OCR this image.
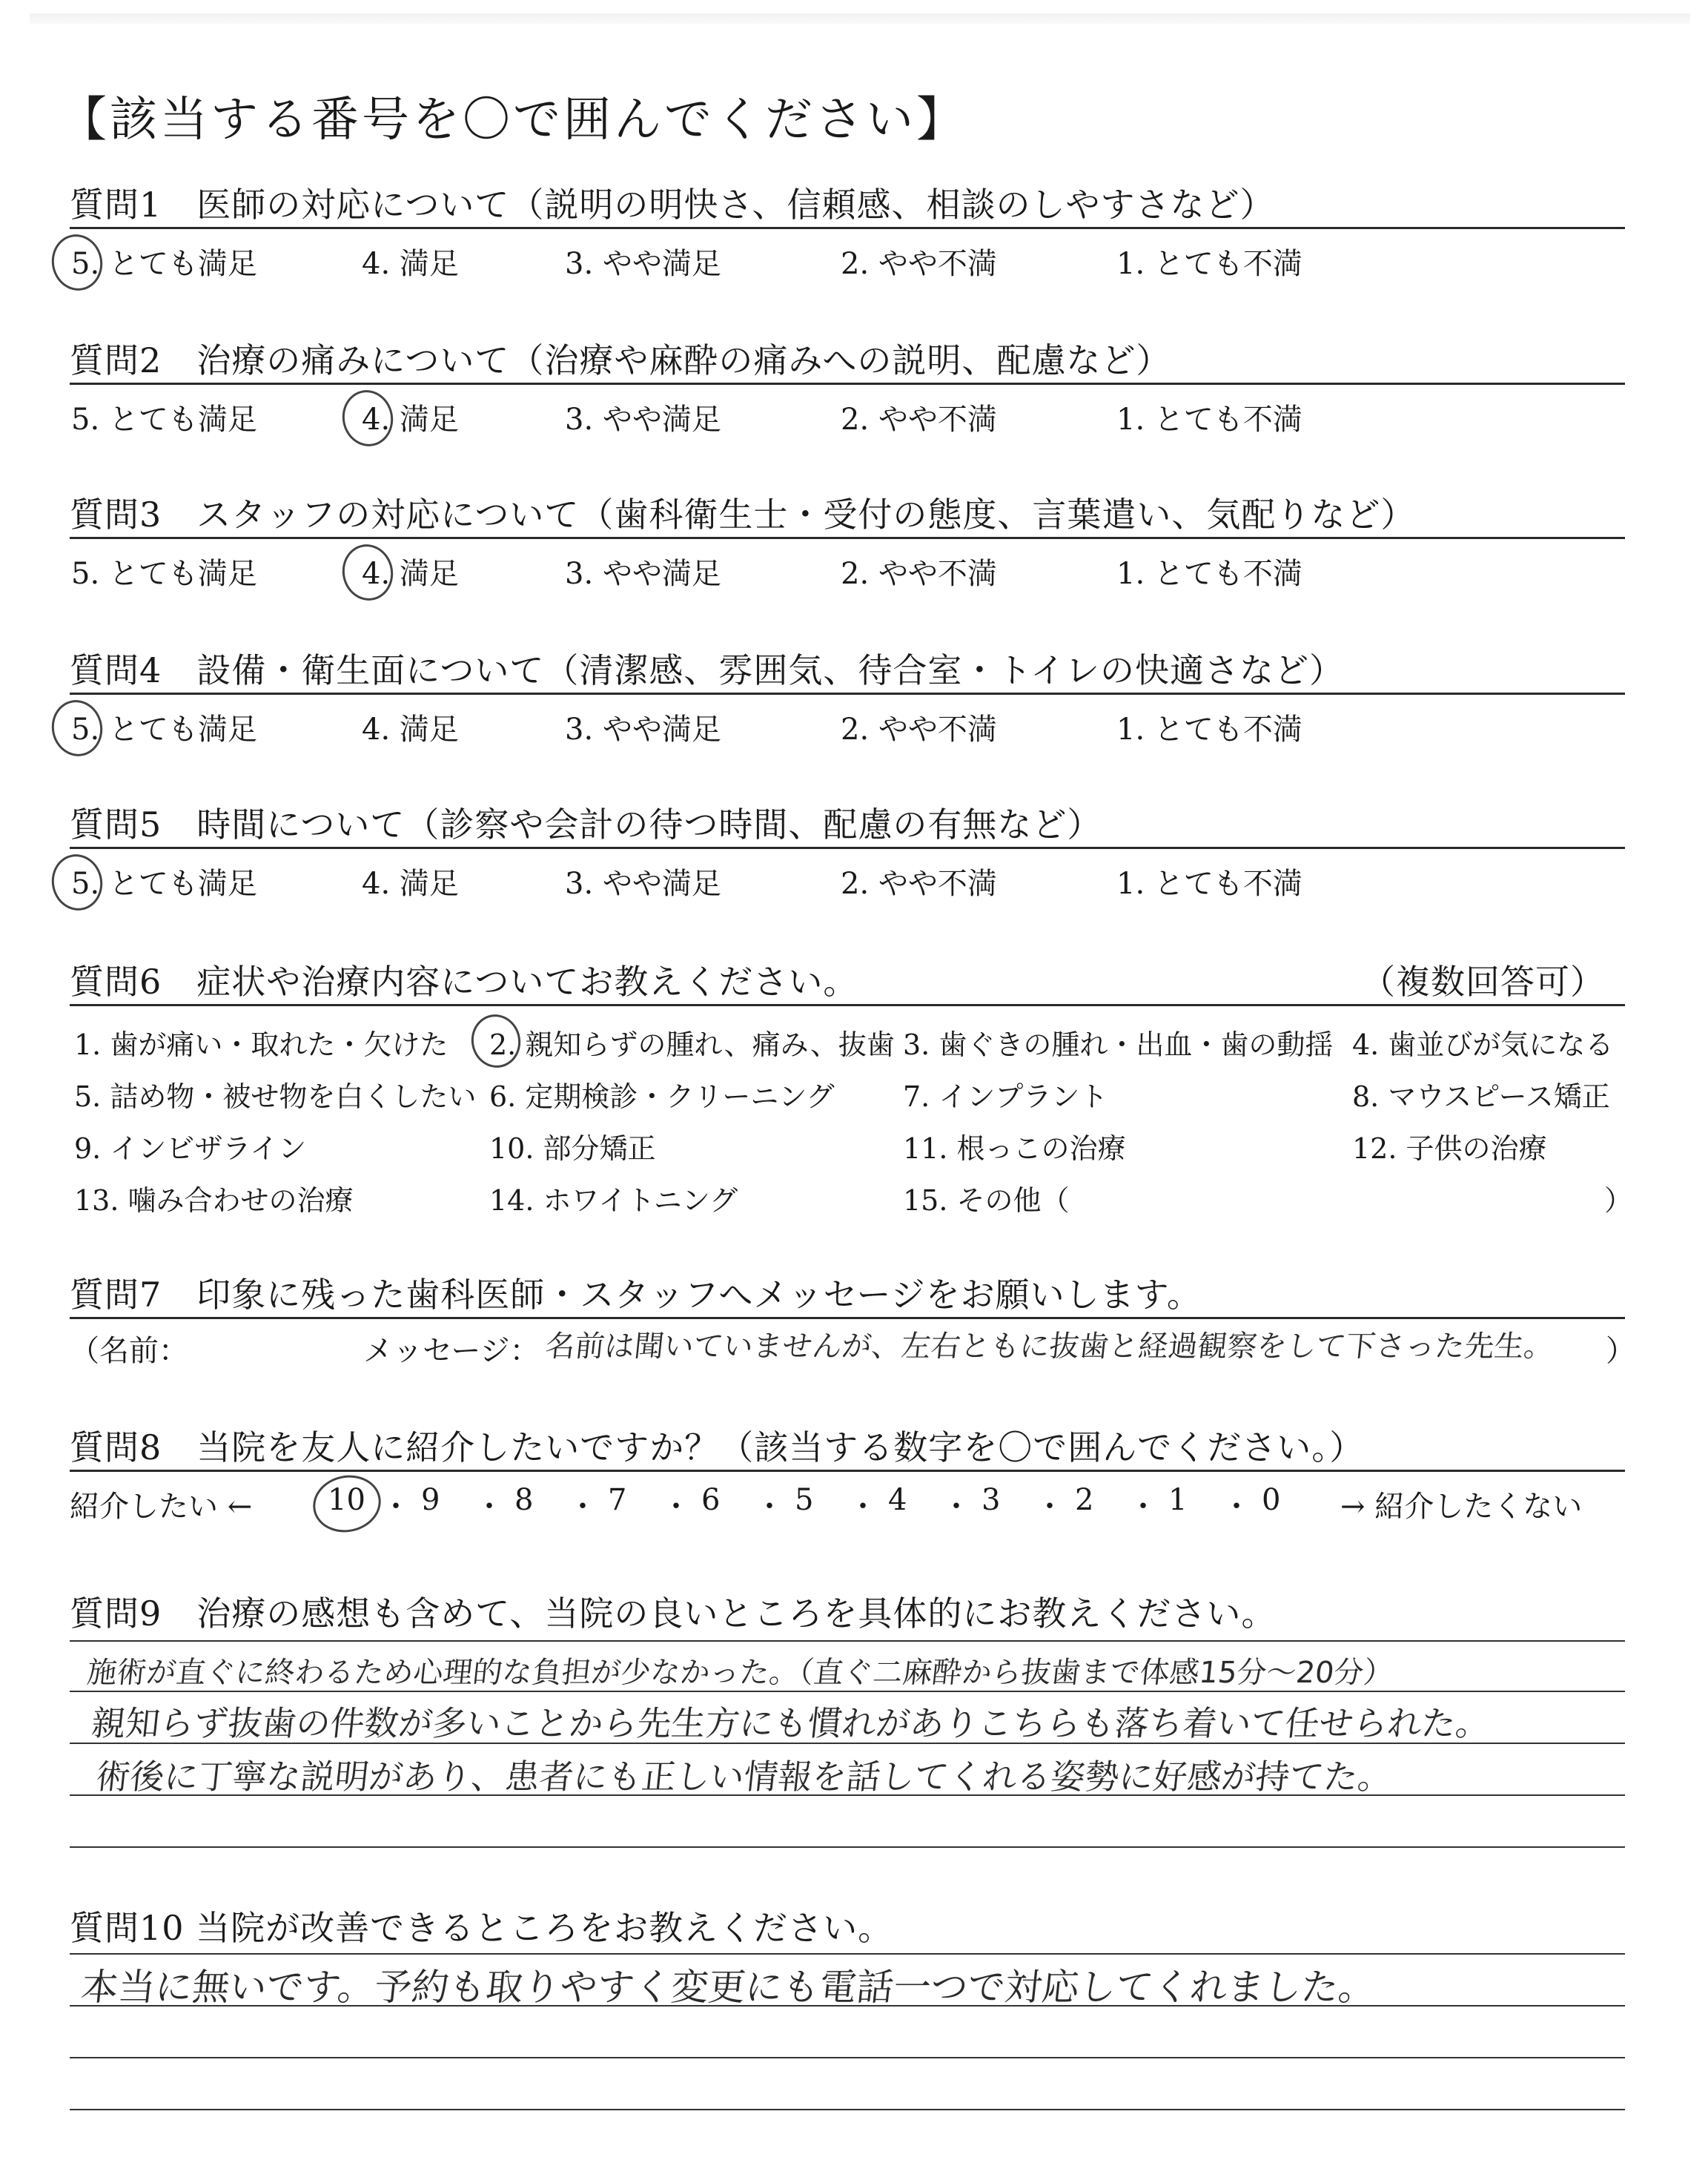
【該当する番号を〇で囲んでください】
質問1　医師の対応について（説明の明快さ、信頼感、相談のしやすさなど）
5. とても満足	4. 満足	3. やや満足	2. やや不満	1. とても不満
質問2　治療の痛みについて（治療や麻酔の痛みへの説明、配慮など）
5. とても満足	4. 満足	3. やや満足	2. やや不満	1. とても不満
質問3　スタッフの対応について（歯科衛生士・受付の態度、言葉遣い、気配りなど）
5. とても満足	4. 満足	3. やや満足	2. やや不満	1. とても不満
質問4　設備・衛生面について（清潔感、雰囲気、待合室・トイレの快適さなど）
5. とても満足	4. 満足	3. やや満足	2. やや不満	1. とても不満
質問5　時間について（診察や会計の待つ時間、配慮の有無など）
5. とても満足	4. 満足	3. やや満足	2. やや不満	1. とても不満
質問6　症状や治療内容についてお教えください。	（複数回答可）
1. 歯が痛い・取れた・欠けた 2. 親知らずの腫れ、痛み、抜歯 3. 歯ぐきの腫れ・出血・歯の動揺 4. 歯並びが気になる
5. 詰め物・被せ物を白くしたい 6. 定期検診・クリーニング 7. インプラント	8. マウスピース矯正
9. インビザライン	10. 部分矯正	11. 根っこの治療	12. 子供の治療
13. 噛み合わせの治療	14. ホワイトニング	15. その他（	）
質問7　印象に残った歯科医師・スタッフへメッセージをお願いします。
（名前：	メッセージ： 名前は聞いていませんが、左右ともに抜歯と経過観察をして下さった先生。 ）
質問8　当院を友人に紹介したいですか？（該当する数字を〇で囲んでください。）
紹介したい ←	10 ・ 9 ・ 8 ・ 7 ・ 6 ・ 5 ・ 4 ・ 3 ・ 2 ・ 1 ・ 0 → 紹介したくない
質問9　治療の感想も含めて、当院の良いところを具体的にお教えください。
施術が直ぐに終わるため心理的な負担が少なかった。（直ぐ二麻酔から抜歯まで体感15分〜20分）
親知らず抜歯の件数が多いことから先生方にも慣れがありこちらも落ち着いて任せられた。
術後に丁寧な説明があり、患者にも正しい情報を話してくれる姿勢に好感が持てた。
質問10 当院が改善できるところをお教えください。
本当に無いです。予約も取りやすく変更にも電話一つで対応してくれました。
